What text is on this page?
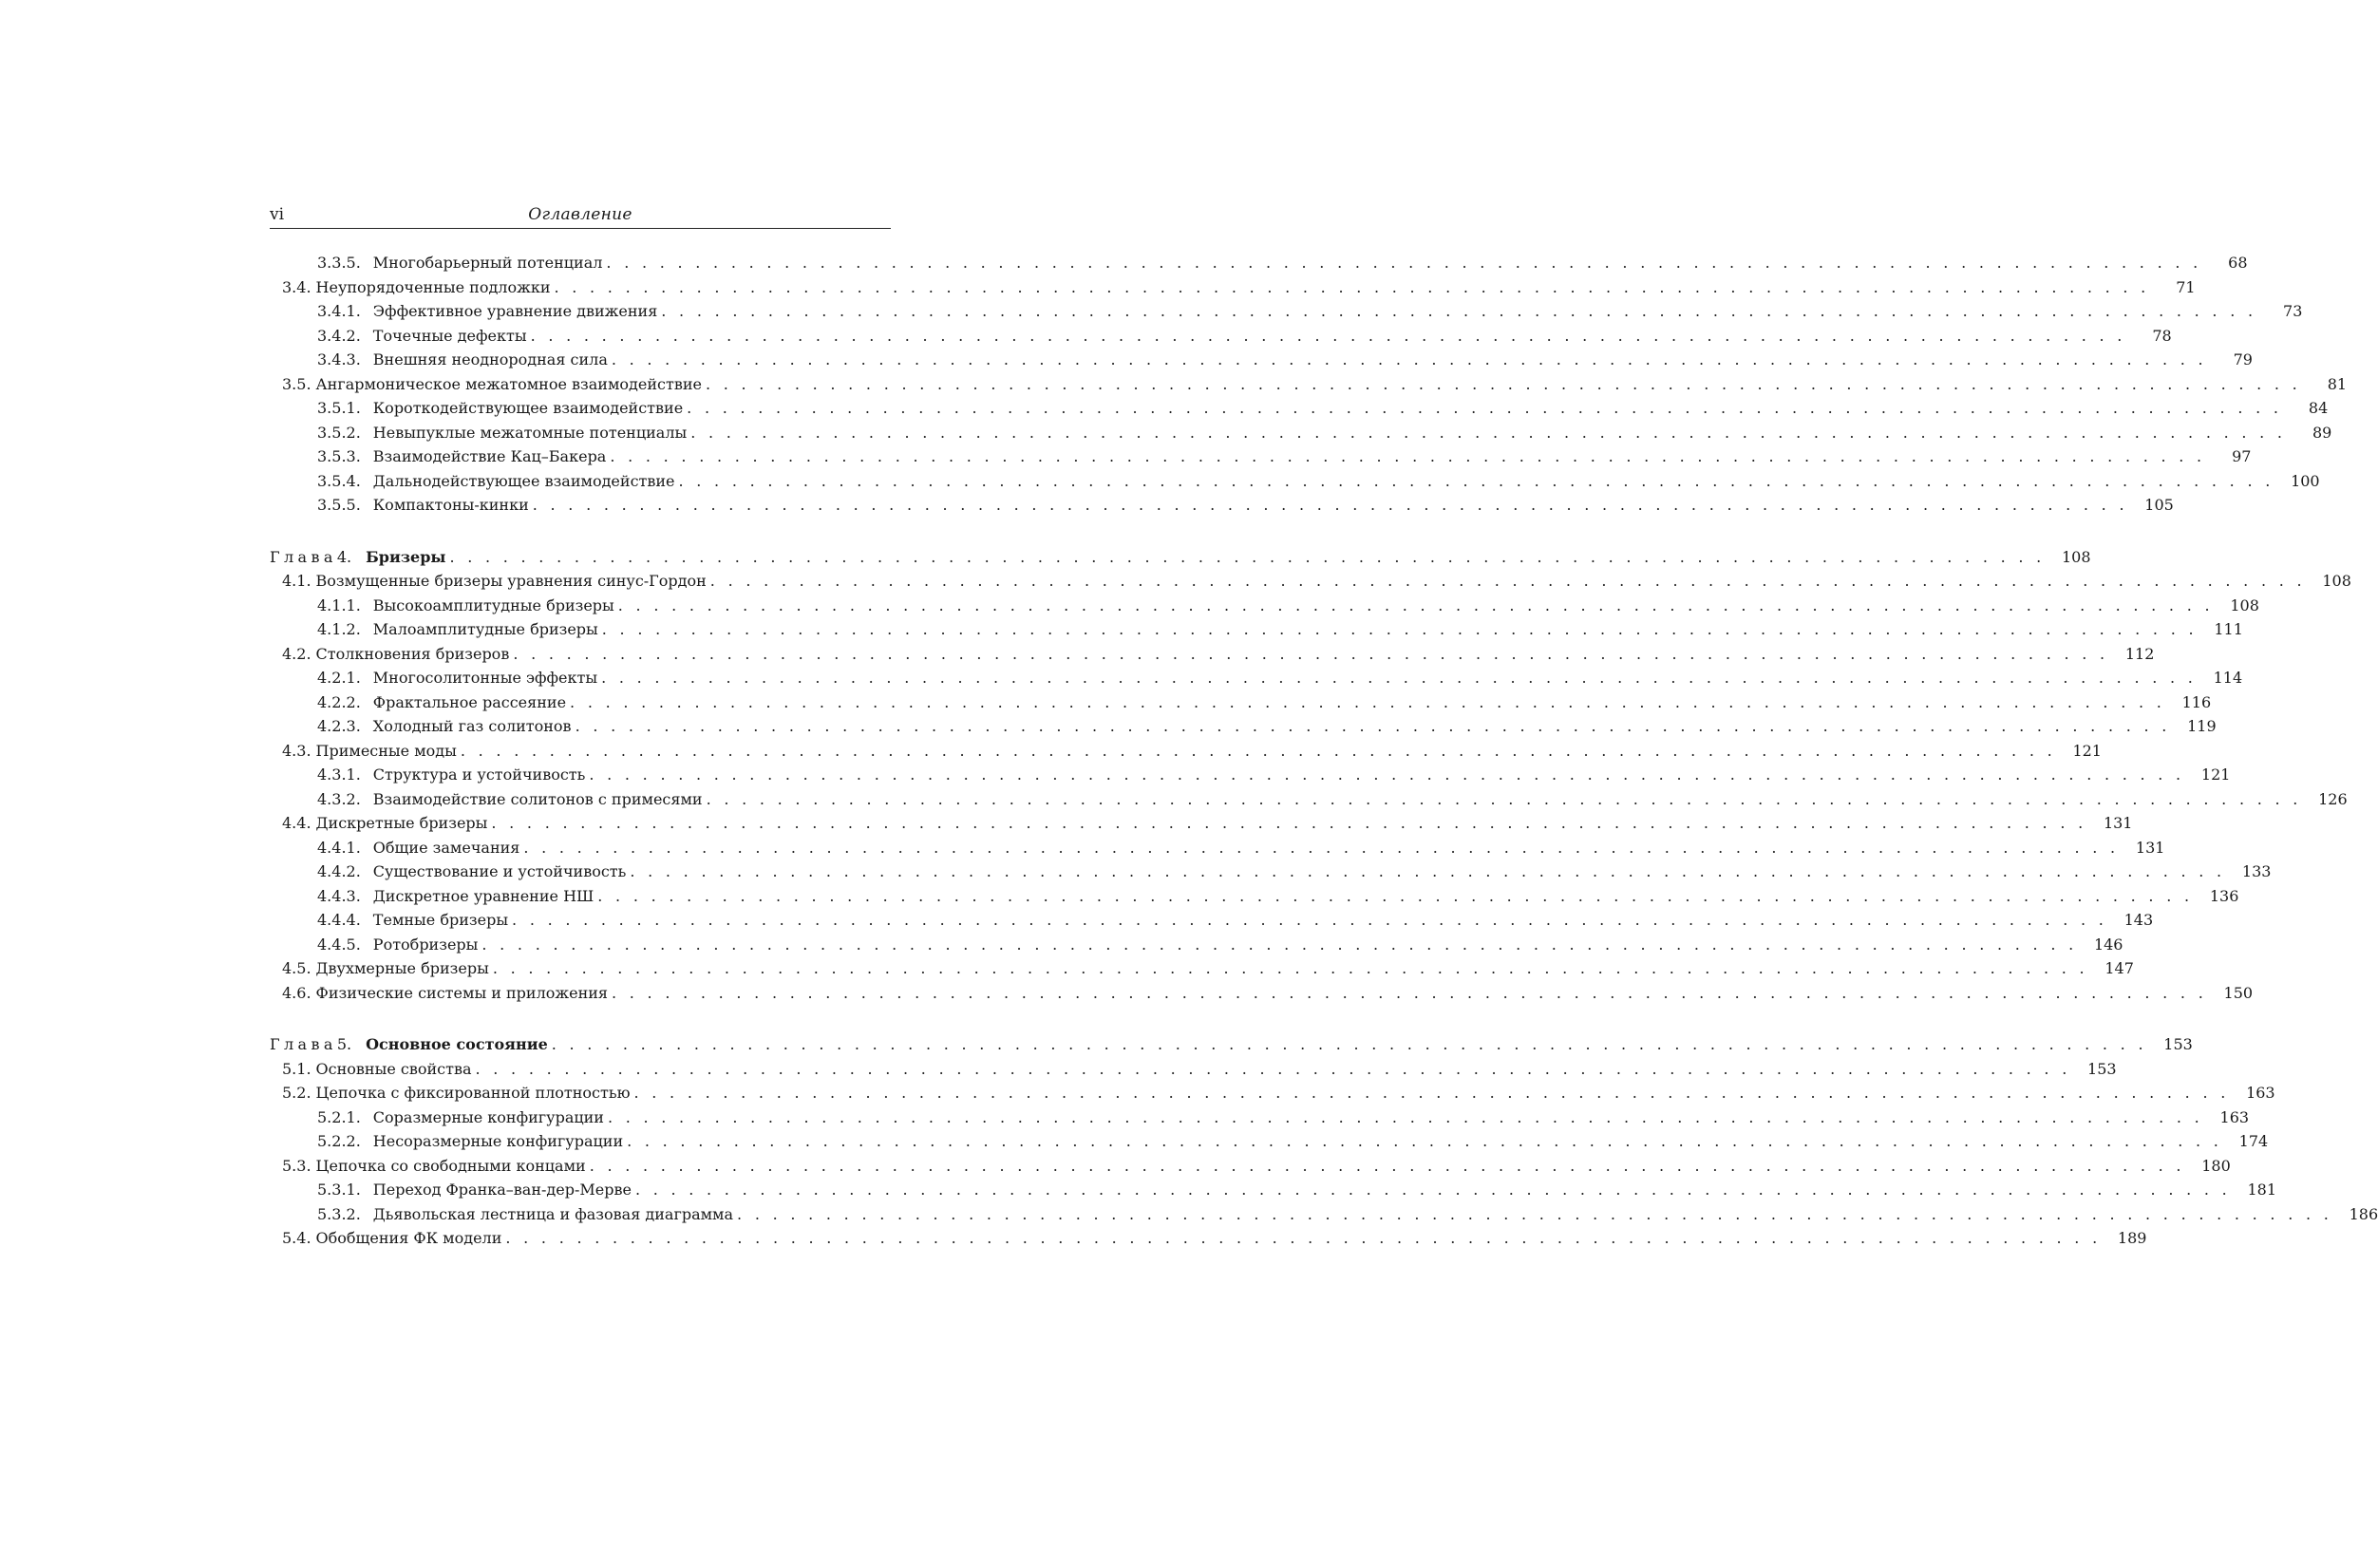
vi	Оглавление
3.3.5. Многобарьерный потенциал . . . . . . . . . . . . . . . . . . . . . . . . . . . . . . . . . . . . . . . . . . . . . . . . . . . . . . . . . . . . . . . . . . . . . . . . . . . . . . . . . . . . . . . . . .	68
3.4. Неупорядоченные подложки . . . . . . . . . . . . . . . . . . . . . . . . . . . . . . . . . . . . . . . . . . . . . . . . . . . . . . . . . . . . . . . . . . . . . . . . . . . . . . . . . . . . . . . . . .	71
3.4.1. Эффективное уравнение движения . . . . . . . . . . . . . . . . . . . . . . . . . . . . . . . . . . . . . . . . . . . . . . . . . . . . . . . . . . . . . . . . . . . . . . . . . . . . . . . . . . . . . . . . . .	73
3.4.2. Точечные дефекты . . . . . . . . . . . . . . . . . . . . . . . . . . . . . . . . . . . . . . . . . . . . . . . . . . . . . . . . . . . . . . . . . . . . . . . . . . . . . . . . . . . . . . . . . .	78
3.4.3. Внешняя неоднородная сила . . . . . . . . . . . . . . . . . . . . . . . . . . . . . . . . . . . . . . . . . . . . . . . . . . . . . . . . . . . . . . . . . . . . . . . . . . . . . . . . . . . . . . . . . .	79
3.5. Ангармоническое межатомное взаимодействие . . . . . . . . . . . . . . . . . . . . . . . . . . . . . . . . . . . . . . . . . . . . . . . . . . . . . . . . . . . . . . . . . . . . . . . . . . . . . . . . . . . . . . . . . .	81
3.5.1. Короткодействующее взаимодействие . . . . . . . . . . . . . . . . . . . . . . . . . . . . . . . . . . . . . . . . . . . . . . . . . . . . . . . . . . . . . . . . . . . . . . . . . . . . . . . . . . . . . . . . . .	84
3.5.2. Невыпуклые межатомные потенциалы . . . . . . . . . . . . . . . . . . . . . . . . . . . . . . . . . . . . . . . . . . . . . . . . . . . . . . . . . . . . . . . . . . . . . . . . . . . . . . . . . . . . . . . . . .	89
3.5.3. Взаимодействие Кац–Бакера . . . . . . . . . . . . . . . . . . . . . . . . . . . . . . . . . . . . . . . . . . . . . . . . . . . . . . . . . . . . . . . . . . . . . . . . . . . . . . . . . . . . . . . . . .	97
3.5.4. Дальнодействующее взаимодействие . . . . . . . . . . . . . . . . . . . . . . . . . . . . . . . . . . . . . . . . . . . . . . . . . . . . . . . . . . . . . . . . . . . . . . . . . . . . . . . . . . . . . . . . . .	100
3.5.5. Компактоны-кинки . . . . . . . . . . . . . . . . . . . . . . . . . . . . . . . . . . . . . . . . . . . . . . . . . . . . . . . . . . . . . . . . . . . . . . . . . . . . . . . . . . . . . . . . . .	105
Глава 4. Бризеры . . . . . . . . . . . . . . . . . . . . . . . . . . . . . . . . . . . . . . . . . . . . . . . . . . . . . . . . . . . . . . . . . . . . . . . . . . . . . . . . . . . . . . . . . .	108
4.1. Возмущенные бризеры уравнения синус-Гордон . . . . . . . . . . . . . . . . . . . . . . . . . . . . . . . . . . . . . . . . . . . . . . . . . . . . . . . . . . . . . . . . . . . . . . . . . . . . . . . . . . . . . . . . . .	108
4.1.1. Высокоамплитудные бризеры . . . . . . . . . . . . . . . . . . . . . . . . . . . . . . . . . . . . . . . . . . . . . . . . . . . . . . . . . . . . . . . . . . . . . . . . . . . . . . . . . . . . . . . . . .	108
4.1.2. Малоамплитудные бризеры . . . . . . . . . . . . . . . . . . . . . . . . . . . . . . . . . . . . . . . . . . . . . . . . . . . . . . . . . . . . . . . . . . . . . . . . . . . . . . . . . . . . . . . . . .	111
4.2. Столкновения бризеров . . . . . . . . . . . . . . . . . . . . . . . . . . . . . . . . . . . . . . . . . . . . . . . . . . . . . . . . . . . . . . . . . . . . . . . . . . . . . . . . . . . . . . . . . .	112
4.2.1. Многосолитонные эффекты . . . . . . . . . . . . . . . . . . . . . . . . . . . . . . . . . . . . . . . . . . . . . . . . . . . . . . . . . . . . . . . . . . . . . . . . . . . . . . . . . . . . . . . . . .	114
4.2.2. Фрактальное рассеяние . . . . . . . . . . . . . . . . . . . . . . . . . . . . . . . . . . . . . . . . . . . . . . . . . . . . . . . . . . . . . . . . . . . . . . . . . . . . . . . . . . . . . . . . . .	116
4.2.3. Холодный газ солитонов . . . . . . . . . . . . . . . . . . . . . . . . . . . . . . . . . . . . . . . . . . . . . . . . . . . . . . . . . . . . . . . . . . . . . . . . . . . . . . . . . . . . . . . . . .	119
4.3. Примесные моды . . . . . . . . . . . . . . . . . . . . . . . . . . . . . . . . . . . . . . . . . . . . . . . . . . . . . . . . . . . . . . . . . . . . . . . . . . . . . . . . . . . . . . . . . .	121
4.3.1. Структура и устойчивость . . . . . . . . . . . . . . . . . . . . . . . . . . . . . . . . . . . . . . . . . . . . . . . . . . . . . . . . . . . . . . . . . . . . . . . . . . . . . . . . . . . . . . . . . .	121
4.3.2. Взаимодействие солитонов с примесями . . . . . . . . . . . . . . . . . . . . . . . . . . . . . . . . . . . . . . . . . . . . . . . . . . . . . . . . . . . . . . . . . . . . . . . . . . . . . . . . . . . . . . . . . .	126
4.4. Дискретные бризеры . . . . . . . . . . . . . . . . . . . . . . . . . . . . . . . . . . . . . . . . . . . . . . . . . . . . . . . . . . . . . . . . . . . . . . . . . . . . . . . . . . . . . . . . . .	131
4.4.1. Общие замечания . . . . . . . . . . . . . . . . . . . . . . . . . . . . . . . . . . . . . . . . . . . . . . . . . . . . . . . . . . . . . . . . . . . . . . . . . . . . . . . . . . . . . . . . . .	131
4.4.2. Существование и устойчивость . . . . . . . . . . . . . . . . . . . . . . . . . . . . . . . . . . . . . . . . . . . . . . . . . . . . . . . . . . . . . . . . . . . . . . . . . . . . . . . . . . . . . . . . . .	133
4.4.3. Дискретное уравнение НШ . . . . . . . . . . . . . . . . . . . . . . . . . . . . . . . . . . . . . . . . . . . . . . . . . . . . . . . . . . . . . . . . . . . . . . . . . . . . . . . . . . . . . . . . . .	136
4.4.4. Темные бризеры . . . . . . . . . . . . . . . . . . . . . . . . . . . . . . . . . . . . . . . . . . . . . . . . . . . . . . . . . . . . . . . . . . . . . . . . . . . . . . . . . . . . . . . . . .	143
4.4.5. Ротобризеры . . . . . . . . . . . . . . . . . . . . . . . . . . . . . . . . . . . . . . . . . . . . . . . . . . . . . . . . . . . . . . . . . . . . . . . . . . . . . . . . . . . . . . . . . .	146
4.5. Двухмерные бризеры . . . . . . . . . . . . . . . . . . . . . . . . . . . . . . . . . . . . . . . . . . . . . . . . . . . . . . . . . . . . . . . . . . . . . . . . . . . . . . . . . . . . . . . . . .	147
4.6. Физические системы и приложения . . . . . . . . . . . . . . . . . . . . . . . . . . . . . . . . . . . . . . . . . . . . . . . . . . . . . . . . . . . . . . . . . . . . . . . . . . . . . . . . . . . . . . . . . .	150
Глава 5. Основное состояние . . . . . . . . . . . . . . . . . . . . . . . . . . . . . . . . . . . . . . . . . . . . . . . . . . . . . . . . . . . . . . . . . . . . . . . . . . . . . . . . . . . . . . . . . .	153
5.1. Основные свойства . . . . . . . . . . . . . . . . . . . . . . . . . . . . . . . . . . . . . . . . . . . . . . . . . . . . . . . . . . . . . . . . . . . . . . . . . . . . . . . . . . . . . . . . . .	153
5.2. Цепочка с фиксированной плотностью . . . . . . . . . . . . . . . . . . . . . . . . . . . . . . . . . . . . . . . . . . . . . . . . . . . . . . . . . . . . . . . . . . . . . . . . . . . . . . . . . . . . . . . . . .	163
5.2.1. Соразмерные конфигурации . . . . . . . . . . . . . . . . . . . . . . . . . . . . . . . . . . . . . . . . . . . . . . . . . . . . . . . . . . . . . . . . . . . . . . . . . . . . . . . . . . . . . . . . . .	163
5.2.2. Несоразмерные конфигурации . . . . . . . . . . . . . . . . . . . . . . . . . . . . . . . . . . . . . . . . . . . . . . . . . . . . . . . . . . . . . . . . . . . . . . . . . . . . . . . . . . . . . . . . . .	174
5.3. Цепочка со свободными концами . . . . . . . . . . . . . . . . . . . . . . . . . . . . . . . . . . . . . . . . . . . . . . . . . . . . . . . . . . . . . . . . . . . . . . . . . . . . . . . . . . . . . . . . . .	180
5.3.1. Переход Франка–ван-дер-Мерве . . . . . . . . . . . . . . . . . . . . . . . . . . . . . . . . . . . . . . . . . . . . . . . . . . . . . . . . . . . . . . . . . . . . . . . . . . . . . . . . . . . . . . . . . .	181
5.3.2. Дьявольская лестница и фазовая диаграмма . . . . . . . . . . . . . . . . . . . . . . . . . . . . . . . . . . . . . . . . . . . . . . . . . . . . . . . . . . . . . . . . . . . . . . . . . . . . . . . . . . . . . . . . . .	186
5.4. Обобщения ФК модели . . . . . . . . . . . . . . . . . . . . . . . . . . . . . . . . . . . . . . . . . . . . . . . . . . . . . . . . . . . . . . . . . . . . . . . . . . . . . . . . . . . . . . . . . .	189
